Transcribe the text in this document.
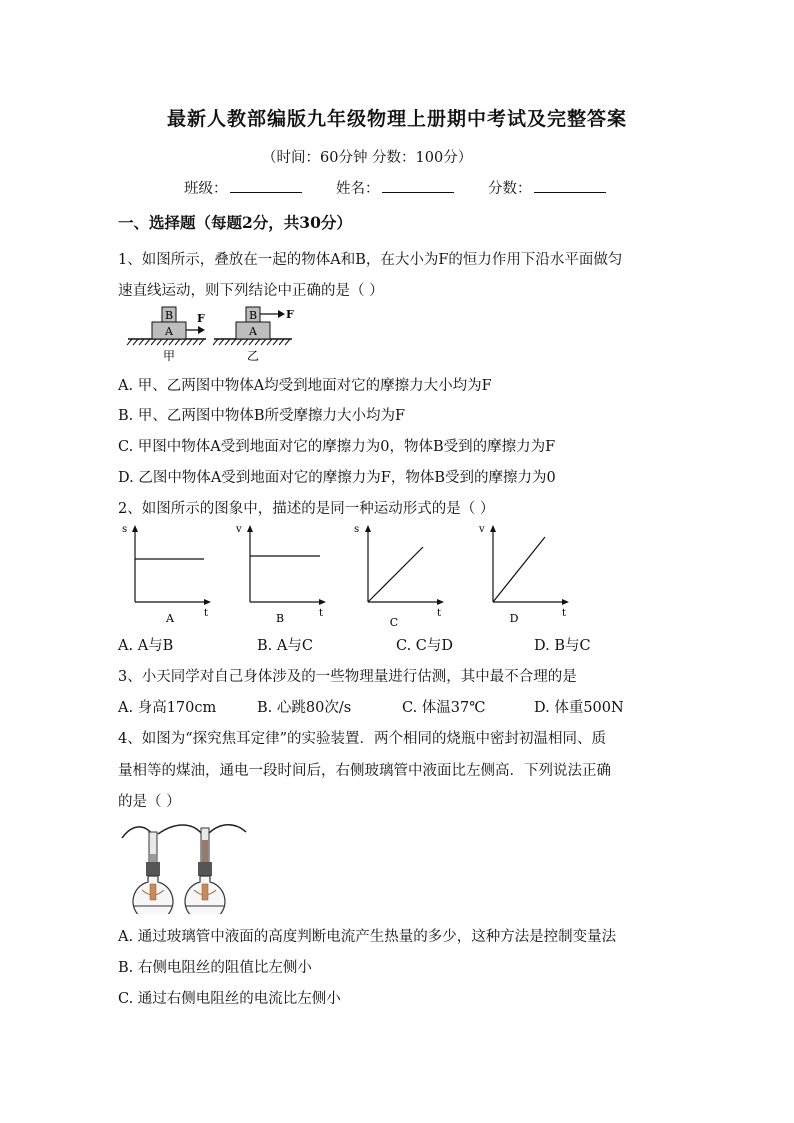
最新人教部编版九年级物理上册期中考试及完整答案
（时间：60分钟 分数：100分）
班级：	姓名：	分数：
一、选择题（每题2分，共30分）
1、如图所示，叠放在一起的物体A和B，在大小为F的恒力作用下沿水平面做匀
速直线运动，则下列结论中正确的是（ ）
A
B F
甲
A
B	F
乙
A. 甲、乙两图中物体A均受到地面对它的摩擦力大小均为F
B. 甲、乙两图中物体B所受摩擦力大小均为F
C. 甲图中物体A受到地面对它的摩擦力为0，物体B受到的摩擦力为F
D. 乙图中物体A受到地面对它的摩擦力为F，物体B受到的摩擦力为0
2、如图所示的图象中，描述的是同一种运动形式的是（ ）
s
t
A
v
t
B
s
t
C
v
t
D
A. A与B	B. A与C	C. C与D	D. B与C
3、小天同学对自己身体涉及的一些物理量进行估测，其中最不合理的是
A. 身高170cm	B. 心跳80次/s	C. 体温37℃	D. 体重500N
4、如图为“探究焦耳定律”的实验装置．两个相同的烧瓶中密封初温相同、质
量相等的煤油，通电一段时间后，右侧玻璃管中液面比左侧高．下列说法正确
的是（ ）
A. 通过玻璃管中液面的高度判断电流产生热量的多少，这种方法是控制变量法
B. 右侧电阻丝的阻值比左侧小
C. 通过右侧电阻丝的电流比左侧小
